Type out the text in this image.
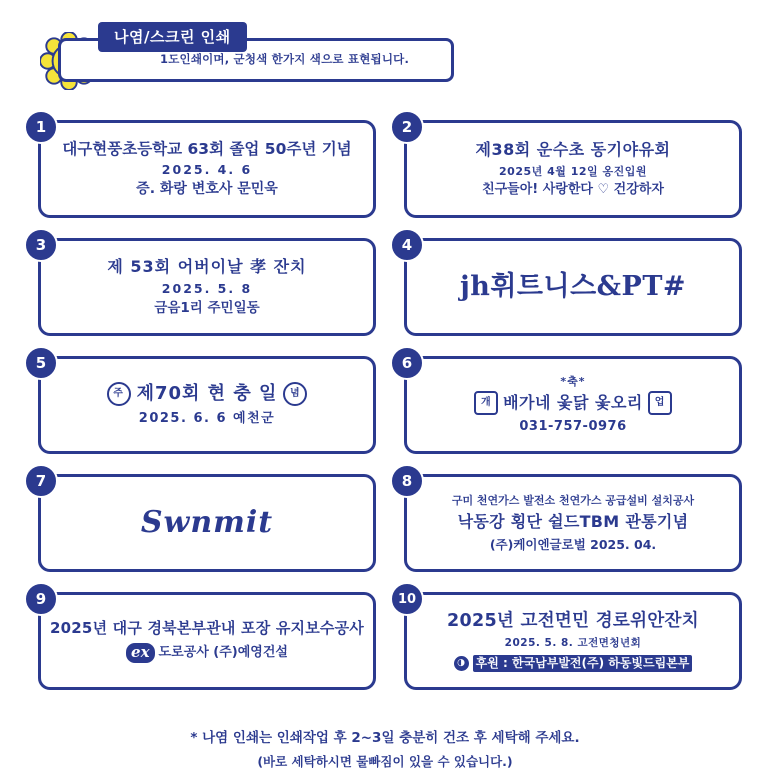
나염/스크린 인쇄
1도인쇄이며, 군청색 한가지 색으로 표현됩니다.
1
대구현풍초등학교 63회 졸업 50주년 기념
2025. 4. 6
증. 화랑 변호사 문민욱
2
제38회 운수초 동기야유회
2025년 4월 12일 옹진입원
친구들아! 사랑한다 ♡ 건강하자
3
제 53회 어버이날 孝 잔치
2025. 5. 8
금음1리 주민일동
4
jh휘트니스&PT#
5
주 제70회 현 충 일	념
2025. 6. 6 예천군
6
*축*
개 배가네 옻닭 옻오리	업
031-757-0976
7
Swnmit
8
구미 천연가스 발전소 천연가스 공급설비 설치공사
낙동강 횡단 쉴드TBM 관통기념
(주)케이엔글로벌 2025. 04.
9
2025년 대구 경북본부관내 포장 유지보수공사
ex 도로공사 (주)예영건설
10
2025년 고전면민 경로위안잔치
2025. 5. 8. 고전면청년회
◑ 후원 : 한국남부발전(주) 하동빛드림본부
* 나염 인쇄는 인쇄작업 후 2~3일 충분히 건조 후 세탁해 주세요.
(바로 세탁하시면 물빠짐이 있을 수 있습니다.)
